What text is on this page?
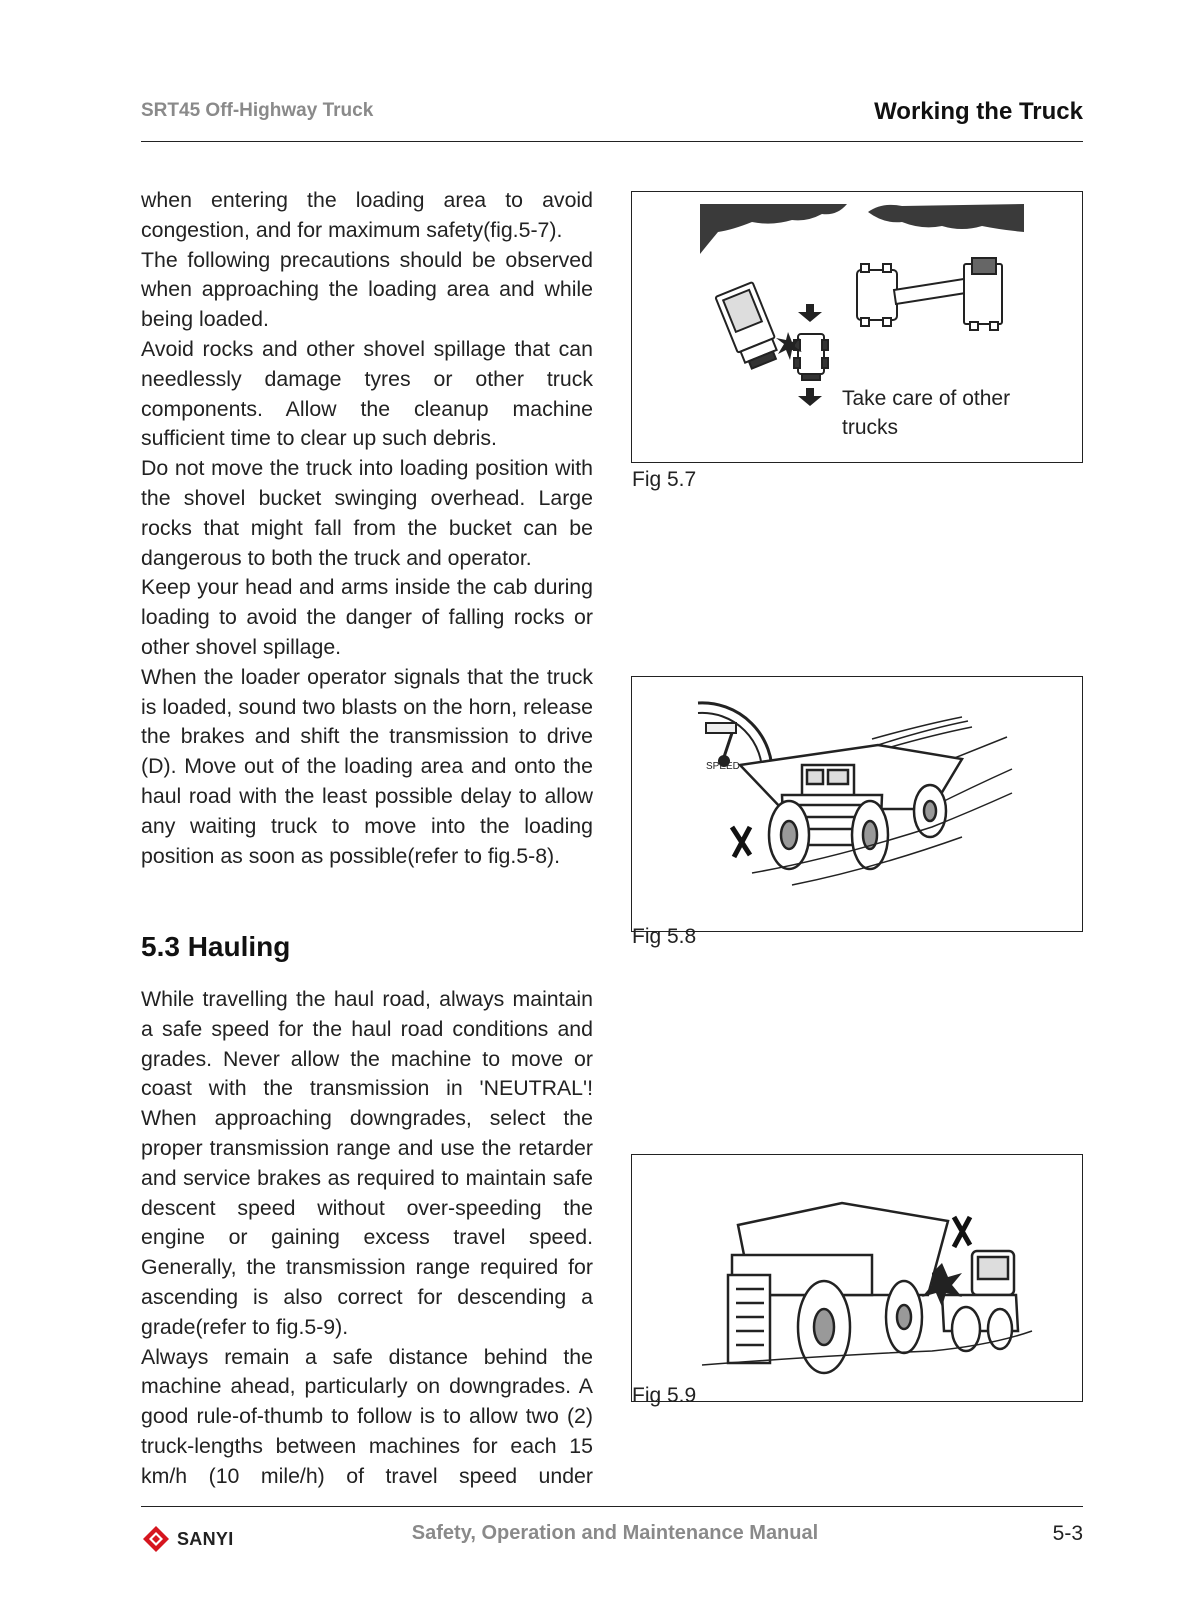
SRT45 Off-Highway Truck	Working the Truck

when entering the loading area to avoid congestion, and for maximum safety(fig.5-7).

The following precautions should be observed when approaching the loading area and while being loaded.

Avoid rocks and other shovel spillage that can needlessly damage tyres or other truck components. Allow the cleanup machine sufficient time to clear up such debris.

Do not move the truck into loading position with the shovel bucket swinging overhead. Large rocks that might fall from the bucket can be dangerous to both the truck and operator.

Keep your head and arms inside the cab during loading to avoid the danger of falling rocks or other shovel spillage.

When the loader operator signals that the truck is loaded, sound two blasts on the horn, release the brakes and shift the transmission to drive (D). Move out of the loading area and onto the haul road with the least possible delay to allow any waiting truck to move into the loading position as soon as possible(refer to fig.5-8).

5.3 Hauling

While travelling the haul road, always maintain a safe speed for the haul road conditions and grades. Never allow the machine to move or coast with the transmission in 'NEUTRAL'! When approaching downgrades, select the proper transmission range and use the retarder and service brakes as required to maintain safe descent speed without over-speeding the engine or gaining excess travel speed. Generally, the transmission range required for ascending is also correct for descending a grade(refer to fig.5-9).

Always remain a safe distance behind the machine ahead, particularly on downgrades. A good rule-of-thumb to follow is to allow two (2) truck-lengths between machines for each 15 km/h (10 mile/h) of travel speed under

Take care of other
trucks
Fig 5.7
SPEED
Fig 5.8
Fig 5.9
SANYI	Safety, Operation and Maintenance Manual	5-3
